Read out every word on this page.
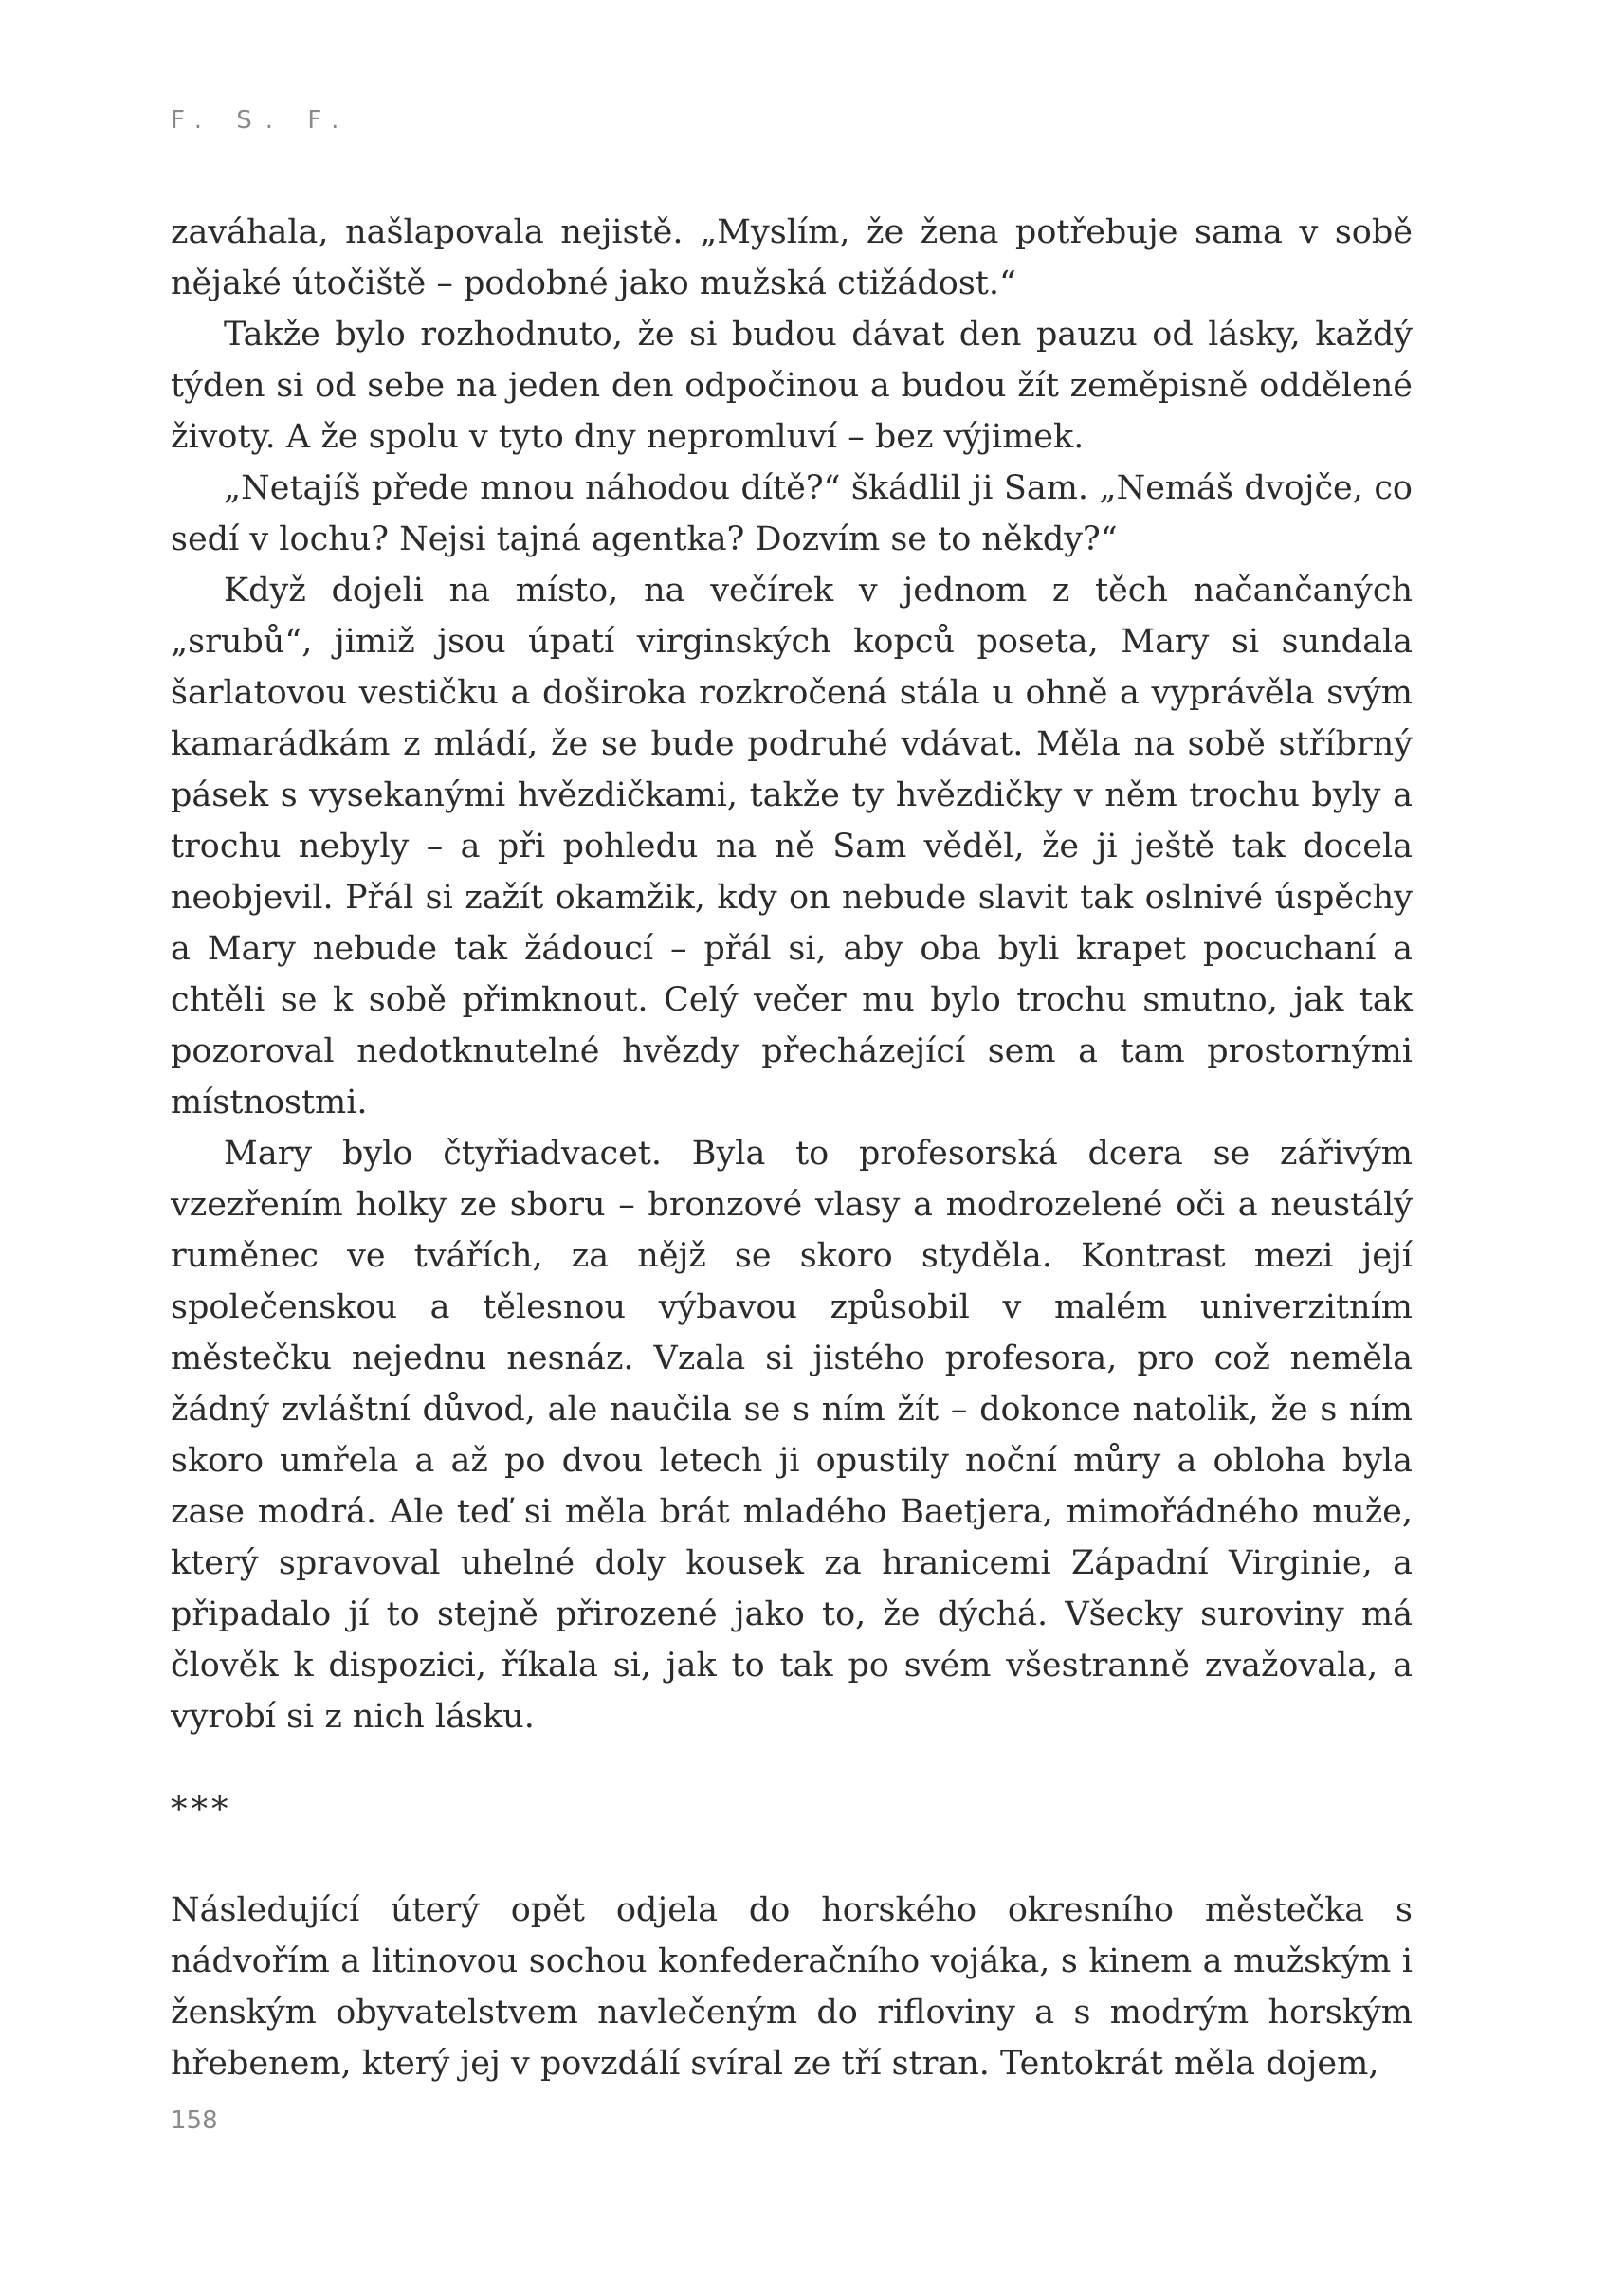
F. S. F.

zaváhala, našlapovala nejistě. „Myslím, že žena potřebuje sama v sobě nějaké útočiště – podobné jako mužská ctižádost.“

Takže bylo rozhodnuto, že si budou dávat den pauzu od lásky, každý týden si od sebe na jeden den odpočinou a budou žít zeměpisně oddělené životy. A že spolu v tyto dny nepromluví – bez výjimek.

„Netajíš přede mnou náhodou dítě?“ škádlil ji Sam. „Nemáš dvojče, co sedí v lochu? Nejsi tajná agentka? Dozvím se to někdy?“

Když dojeli na místo, na večírek v jednom z těch načančaných „srubů“, jimiž jsou úpatí virginských kopců poseta, Mary si sundala šarlatovou vestičku a doširoka rozkročená stála u ohně a vyprávěla svým kamarádkám z mládí, že se bude podruhé vdávat. Měla na sobě stříbrný pásek s vysekanými hvězdičkami, takže ty hvězdičky v něm trochu byly a trochu nebyly – a při pohledu na ně Sam věděl, že ji ještě tak docela neobjevil. Přál si zažít okamžik, kdy on nebude slavit tak oslnivé úspěchy a Mary nebude tak žádoucí – přál si, aby oba byli krapet pocuchaní a chtěli se k sobě přimknout. Celý večer mu bylo trochu smutno, jak tak pozoroval nedotknutelné hvězdy přecházející sem a tam prostornými místnostmi.

Mary bylo čtyřiadvacet. Byla to profesorská dcera se zářivým vzezřením holky ze sboru – bronzové vlasy a modrozelené oči a neustálý ruměnec ve tvářích, za nějž se skoro styděla. Kontrast mezi její společenskou a tělesnou výbavou způsobil v malém univerzitním městečku nejednu nesnáz. Vzala si jistého profesora, pro což neměla žádný zvláštní důvod, ale naučila se s ním žít – dokonce natolik, že s ním skoro umřela a až po dvou letech ji opustily noční můry a obloha byla zase modrá. Ale teď si měla brát mladého Baetjera, mimořádného muže, který spravoval uhelné doly kousek za hranicemi Západní Virginie, a připadalo jí to stejně přirozené jako to, že dýchá. Všecky suroviny má člověk k dispozici, říkala si, jak to tak po svém všestranně zvažovala, a vyrobí si z nich lásku.

***

Následující úterý opět odjela do horského okresního městečka s nádvořím a litinovou sochou konfederačního vojáka, s kinem a mužským i ženským obyvatelstvem navlečeným do rifloviny a s modrým horským hřebenem, který jej v povzdálí svíral ze tří stran. Tentokrát měla dojem,

158
